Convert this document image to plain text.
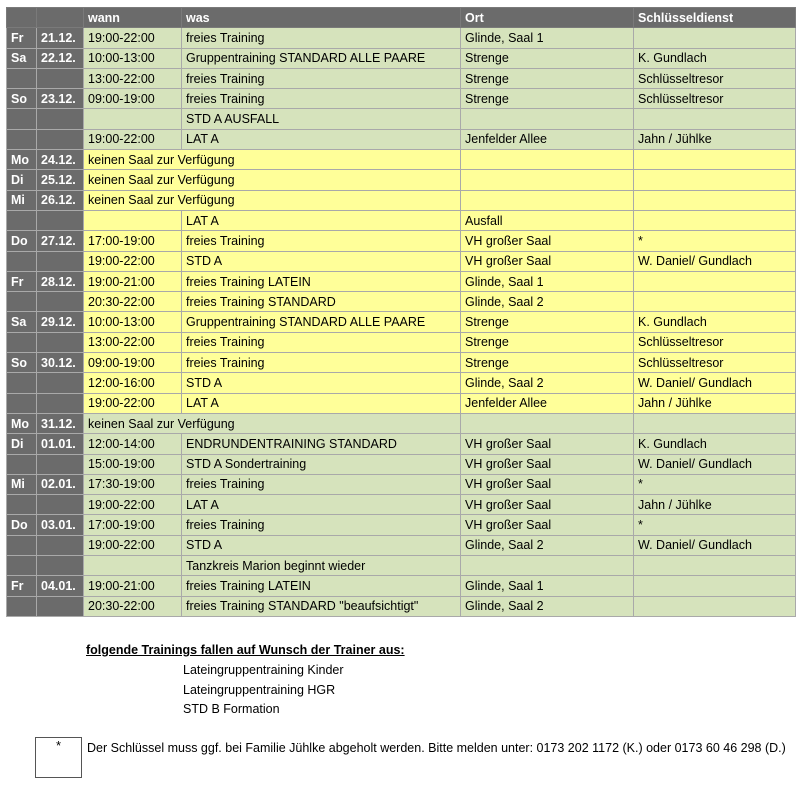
		wann	was	Ort	Schlüsseldienst
Fr	21.12.	19:00-22:00	freies Training	Glinde, Saal 1	
Sa	22.12.	10:00-13:00	Gruppentraining STANDARD ALLE PAARE	Strenge	K. Gundlach
		13:00-22:00	freies Training	Strenge	Schlüsseltresor
So	23.12.	09:00-19:00	freies Training	Strenge	Schlüsseltresor
			STD A AUSFALL		
		19:00-22:00	LAT A	Jenfelder Allee	Jahn / Jühlke
Mo	24.12.	keinen Saal zur Verfügung			
Di	25.12.	keinen Saal zur Verfügung			
Mi	26.12.	keinen Saal zur Verfügung			
			LAT A	Ausfall	
Do	27.12.	17:00-19:00	freies Training	VH großer Saal	*
		19:00-22:00	STD A	VH großer Saal	W. Daniel/ Gundlach
Fr	28.12.	19:00-21:00	freies Training LATEIN	Glinde, Saal 1	
		20:30-22:00	freies Training STANDARD	Glinde, Saal 2	
Sa	29.12.	10:00-13:00	Gruppentraining STANDARD ALLE PAARE	Strenge	K. Gundlach
		13:00-22:00	freies Training	Strenge	Schlüsseltresor
So	30.12.	09:00-19:00	freies Training	Strenge	Schlüsseltresor
		12:00-16:00	STD A	Glinde, Saal 2	W. Daniel/ Gundlach
		19:00-22:00	LAT A	Jenfelder Allee	Jahn / Jühlke
Mo	31.12.	keinen Saal zur Verfügung			
Di	01.01.	12:00-14:00	ENDRUNDENTRAINING STANDARD	VH großer Saal	K. Gundlach
		15:00-19:00	STD A Sondertraining	VH großer Saal	W. Daniel/ Gundlach
Mi	02.01.	17:30-19:00	freies Training	VH großer Saal	*
		19:00-22:00	LAT A	VH großer Saal	Jahn / Jühlke
Do	03.01.	17:00-19:00	freies Training	VH großer Saal	*
		19:00-22:00	STD A	Glinde, Saal 2	W. Daniel/ Gundlach
			Tanzkreis Marion beginnt wieder		
Fr	04.01.	19:00-21:00	freies Training LATEIN	Glinde, Saal 1	
		20:30-22:00	freies Training STANDARD "beaufsichtigt"	Glinde, Saal 2	
folgende Trainings fallen auf Wunsch der Trainer aus:
Lateingruppentraining Kinder
Lateingruppentraining HGR
STD B Formation
*	Der Schlüssel muss ggf. bei Familie Jühlke abgeholt werden. Bitte melden unter: 0173 202 1172 (K.) oder 0173 60 46 298 (D.)
